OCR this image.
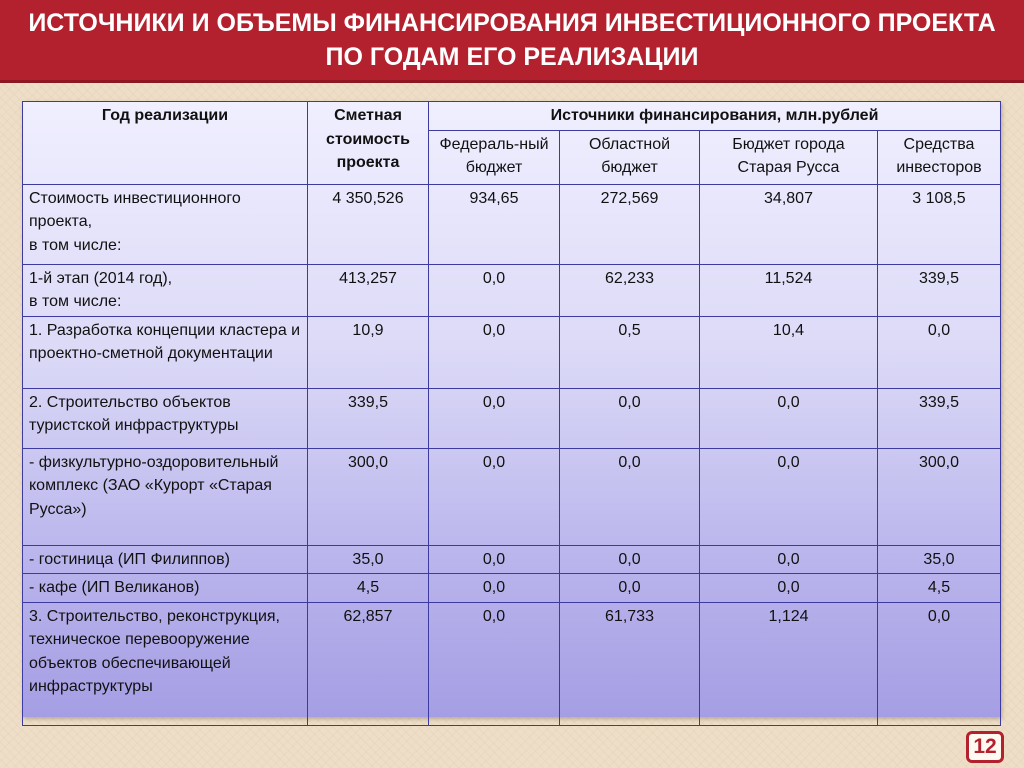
ИСТОЧНИКИ И ОБЪЕМЫ ФИНАНСИРОВАНИЯ ИНВЕСТИЦИОННОГО ПРОЕКТА ПО ГОДАМ ЕГО РЕАЛИЗАЦИИ
Год реализации	Сметная стоимость проекта	Источники финансирования, млн.рублей			
		Федераль-ный бюджет	Областной бюджет	Бюджет города Старая Русса	Средства инвесторов
Стоимость инвестиционного проекта,
в том числе:	4 350,526	934,65	272,569	34,807	3 108,5
1-й этап (2014 год),
в том числе:	413,257	0,0	62,233	11,524	339,5
1. Разработка концепции кластера и проектно-сметной документации	10,9	0,0	0,5	10,4	0,0
2. Строительство объектов туристской инфраструктуры	339,5	0,0	0,0	0,0	339,5
- физкультурно-оздоровительный комплекс (ЗАО «Курорт «Старая Русса»)	300,0	0,0	0,0	0,0	300,0
- гостиница (ИП Филиппов)	35,0	0,0	0,0	0,0	35,0
- кафе (ИП Великанов)	4,5	0,0	0,0	0,0	4,5
3. Строительство, реконструкция, техническое перевооружение объектов обеспечивающей инфраструктуры	62,857	0,0	61,733	1,124	0,0
12
